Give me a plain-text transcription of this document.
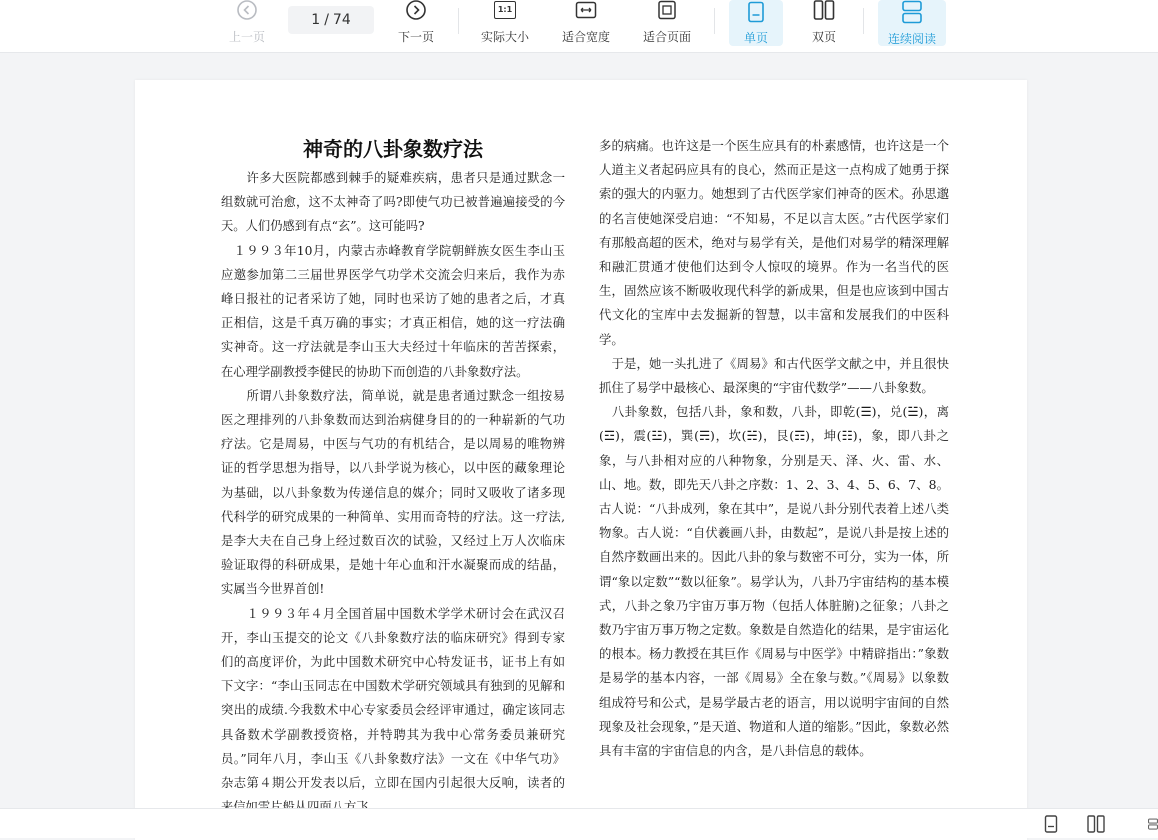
上一页
1 / 74
下一页
1:1
实际大小	适合宽度	适合页面	单页	双页	连续阅读
神奇的八卦象数疗法

　　许多大医院都感到棘手的疑难疾病，患者只是通过默念一组数就可治愈，这不太神奇了吗?即使气功已被普遍遍接受的今天。人们仍感到有点“玄”。这可能吗?

　１９９３年10月，内蒙古赤峰教育学院朝鲜族女医生李山玉应邀参加第二三届世界医学气功学术交流会归来后，我作为赤峰日报社的记者采访了她，同时也采访了她的患者之后，才真正相信，这是千真万确的事实；才真正相信，她的这一疗法确实神奇。这一疗法就是李山玉大夫经过十年临床的苦苦探索，在心理学副教授李健民的协助下而创造的八卦象数疗法。

　　所谓八卦象数疗法，简单说，就是患者通过默念一组按易医之理排列的八卦象数而达到治病健身目的的一种崭新的气功疗法。它是周易，中医与气功的有机结合，是以周易的唯物辨证的哲学思想为指导，以八卦学说为核心，以中医的藏象理论为基础，以八卦象数为传递信息的媒介；同时又吸收了诸多现代科学的研究成果的一种简单、实用而奇特的疗法。这一疗法,是李大夫在自己身上经过数百次的试验，又经过上万人次临床验证取得的科研成果，是她十年心血和汗水凝聚而成的结晶，实属当今世界首创!

　　１９９３年４月全国首届中国数术学学术研讨会在武汉召开，李山玉提交的论文《八卦象数疗法的临床研究》得到专家们的高度评价，为此中国数术研究中心特发证书，证书上有如下文字：“李山玉同志在中国数术学研究领域具有独到的见解和突出的成绩.今我数术中心专家委员会经评审通过，确定该同志具备数术学副教授资格，并特聘其为我中心常务委员兼研究员。”同年八月，李山玉《八卦象数疗法》一文在《中华气功》杂志第４期公开发表以后，立即在国内引起很大反响，读者的

多的病痛。也许这是一个医生应具有的朴素感情，也许这是一个人道主义者起码应具有的良心，然而正是这一点构成了她勇于探索的强大的内驱力。她想到了古代医学家们神奇的医术。孙思邈的名言使她深受启迪：“不知易，不足以言太医。”古代医学家们有那般高超的医术，绝对与易学有关，是他们对易学的精深理解和融汇贯通才使他们达到令人惊叹的境界。作为一名当代的医生，固然应该不断吸收现代科学的新成果，但是也应该到中国古代文化的宝库中去发掘新的智慧，以丰富和发展我们的中医科学。

　于是，她一头扎进了《周易》和古代医学文献之中，并且很快抓住了易学中最核心、最深奥的“宇宙代数学”——八卦象数。

　八卦象数，包括八卦，象和数，八卦，即乾(☰)，兑(☱)，离(☲)，震(☳)，巽(☴)，坎(☵)，艮(☶)，坤(☷)，象，即八卦之象，与八卦相对应的八种物象，分别是天、泽、火、雷、水、山、地。数，即先天八卦之序数：1、2、3、4、5、6、7、8。古人说：“八卦成列，象在其中”，是说八卦分别代表着上述八类物象。古人说：“自伏羲画八卦，由数起”，是说八卦是按上述的自然序数画出来的。因此八卦的象与数密不可分，实为一体，所谓“象以定数”“数以征象”。易学认为，八卦乃宇宙结构的基本模式，八卦之象乃宇宙万事万物（包括人体脏腑)之征象；八卦之数乃宇宙万事万物之定数。象数是自然造化的结果，是宇宙运化的根本。杨力教授在其巨作《周易与中医学》中精辟指出：”象数是易学的基本内容，一部《周易》全在象与数。”《周易》以象数组成符号和公式，是易学最古老的语言，用以说明宇宙间的自然现象及社会现象，”是天道、物道和人道的缩影。”因此，象数必然具有丰富的宇宙信息的内含，是八卦信息的载体。
